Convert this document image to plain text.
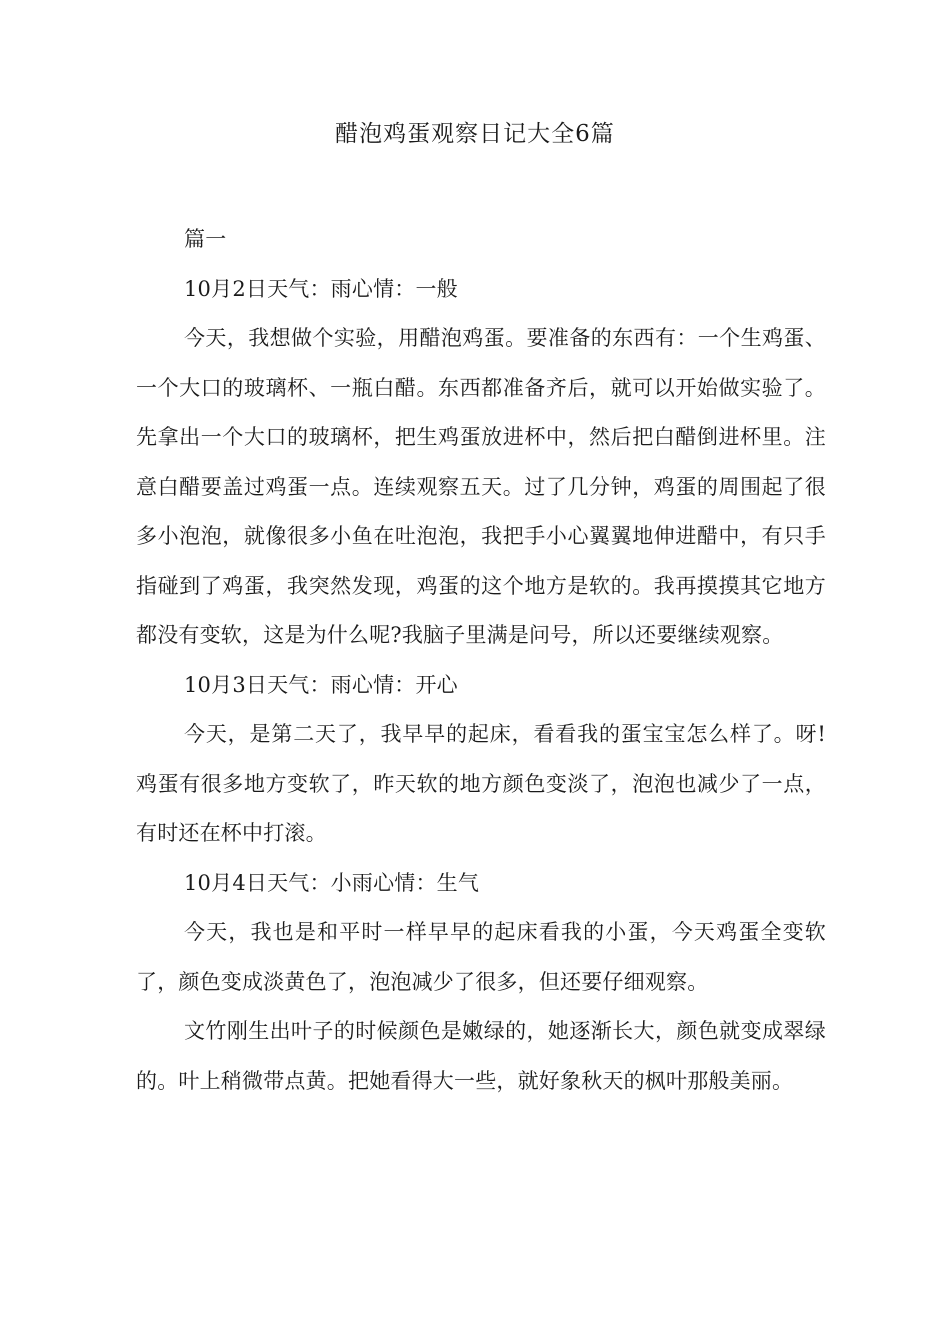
醋泡鸡蛋观察日记大全6篇

篇一

10月2日天气：雨心情：一般

今天，我想做个实验，用醋泡鸡蛋。要准备的东西有：一个生鸡蛋、一个大口的玻璃杯、一瓶白醋。东西都准备齐后，就可以开始做实验了。先拿出一个大口的玻璃杯，把生鸡蛋放进杯中，然后把白醋倒进杯里。注意白醋要盖过鸡蛋一点。连续观察五天。过了几分钟，鸡蛋的周围起了很多小泡泡，就像很多小鱼在吐泡泡，我把手小心翼翼地伸进醋中，有只手指碰到了鸡蛋，我突然发现，鸡蛋的这个地方是软的。我再摸摸其它地方都没有变软，这是为什么呢?我脑子里满是问号，所以还要继续观察。

10月3日天气：雨心情：开心

今天，是第二天了，我早早的起床，看看我的蛋宝宝怎么样了。呀!鸡蛋有很多地方变软了，昨天软的地方颜色变淡了，泡泡也减少了一点，有时还在杯中打滚。

10月4日天气：小雨心情：生气

今天，我也是和平时一样早早的起床看我的小蛋，今天鸡蛋全变软了，颜色变成淡黄色了，泡泡减少了很多，但还要仔细观察。

文竹刚生出叶子的时候颜色是嫩绿的，她逐渐长大，颜色就变成翠绿的。叶上稍微带点黄。把她看得大一些，就好象秋天的枫叶那般美丽。
